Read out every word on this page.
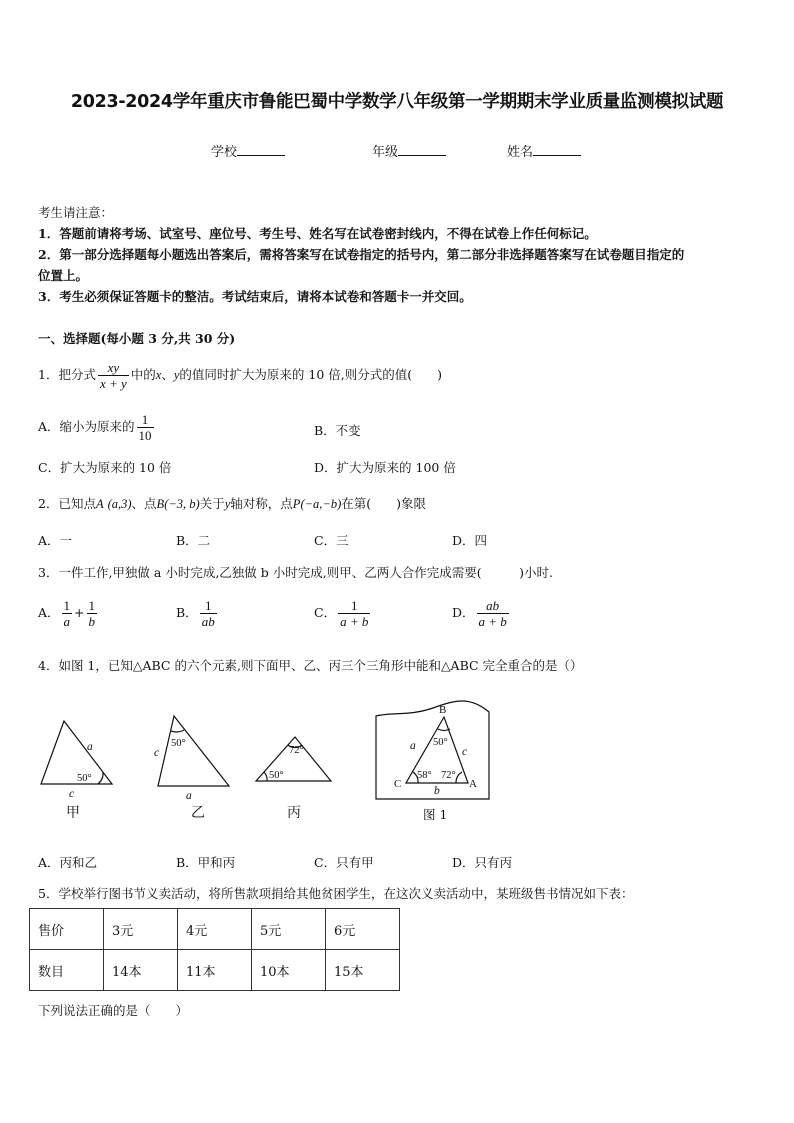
2023-2024学年重庆市鲁能巴蜀中学数学八年级第一学期期末学业质量监测模拟试题
学校	年级	姓名
考生请注意：
1．答题前请将考场、试室号、座位号、考生号、姓名写在试卷密封线内，不得在试卷上作任何标记。
2．第一部分选择题每小题选出答案后，需将答案写在试卷指定的括号内，第二部分非选择题答案写在试卷题目指定的
位置上。
3．考生必须保证答题卡的整洁。考试结束后，请将本试卷和答题卡一并交回。
一、选择题(每小题 3 分,共 30 分)
1．把分式 $\frac{xy}{x + y}$ 中的x、y的值同时扩大为原来的 10 倍,则分式的值(　　)
A．缩小为原来的 $\frac{1}{10}$	B．不变
C．扩大为原来的 10 倍	D．扩大为原来的 100 倍
2．已知点A (a,3)、点B(−3, b)关于y轴对称，点P(−a,−b)在第(　　)象限
A．一	B．二	C．三	D．四
3．一件工作,甲独做 a 小时完成,乙独做 b 小时完成,则甲、乙两人合作完成需要(　　　)小时.
A． $\frac{1}{a} + \frac{1}{b}$	B． $\frac{1}{ab}$	C． $\frac{1}{a + b}$	D． $\frac{ab}{a + b}$
4．如图 1，已知△ABC 的六个元素,则下面甲、乙、丙三个三角形中能和△ABC 完全重合的是（）
a
50°
c
c
50°
a
72°
50°
B
C	A
a	c
b
50°
58° 72°
甲	乙	丙	图 1
A．丙和乙	B．甲和丙	C．只有甲	D．只有丙
5．学校举行图书节义卖活动，将所售款项捐给其他贫困学生，在这次义卖活动中，某班级售书情况如下表：
售价	3元	4元	5元	6元
数目	14本	11本	10本	15本
下列说法正确的是（　　）
